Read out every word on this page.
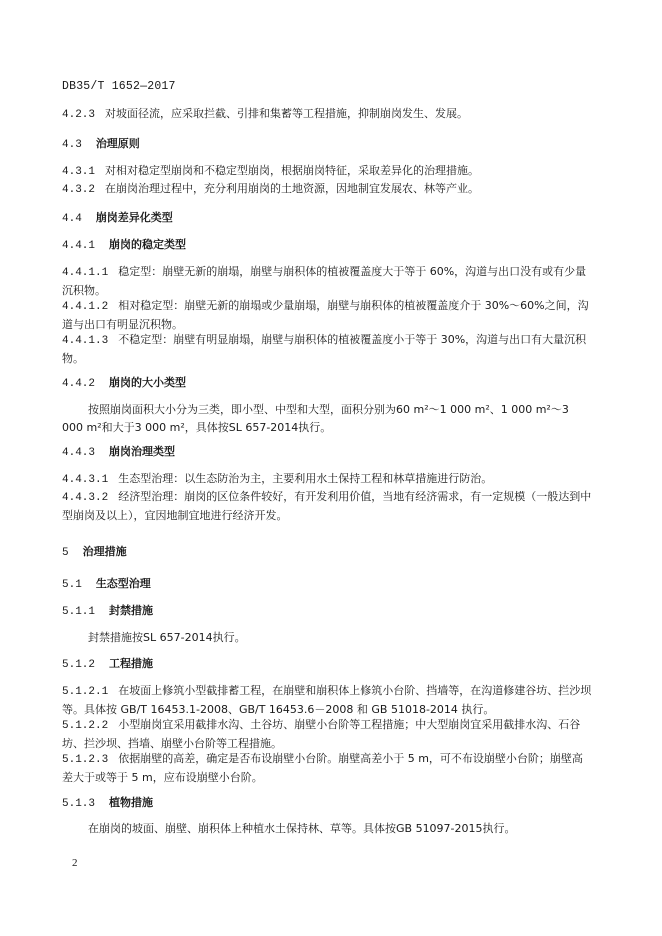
DB35/T 1652—2017
4.2.3 对坡面径流，应采取拦截、引排和集蓄等工程措施，抑制崩岗发生、发展。
4.3 治理原则
4.3.1 对相对稳定型崩岗和不稳定型崩岗，根据崩岗特征，采取差异化的治理措施。
4.3.2 在崩岗治理过程中，充分利用崩岗的土地资源，因地制宜发展农、林等产业。
4.4 崩岗差异化类型
4.4.1 崩岗的稳定类型
4.4.1.1 稳定型：崩壁无新的崩塌，崩壁与崩积体的植被覆盖度大于等于 60%，沟道与出口没有或有少量沉积物。
4.4.1.2 相对稳定型：崩壁无新的崩塌或少量崩塌，崩壁与崩积体的植被覆盖度介于 30%～60%之间，沟道与出口有明显沉积物。
4.4.1.3 不稳定型：崩壁有明显崩塌，崩壁与崩积体的植被覆盖度小于等于 30%，沟道与出口有大量沉积物。
4.4.2 崩岗的大小类型
按照崩岗面积大小分为三类，即小型、中型和大型，面积分别为60 m²～1 000 m²、1 000 m²～3 000 m²和大于3 000 m²，具体按SL 657-2014执行。
4.4.3 崩岗治理类型
4.4.3.1 生态型治理：以生态防治为主，主要利用水土保持工程和林草措施进行防治。
4.4.3.2 经济型治理：崩岗的区位条件较好，有开发利用价值，当地有经济需求，有一定规模（一般达到中型崩岗及以上），宜因地制宜地进行经济开发。
5 治理措施
5.1 生态型治理
5.1.1 封禁措施
封禁措施按SL 657-2014执行。
5.1.2 工程措施
5.1.2.1 在坡面上修筑小型截排蓄工程，在崩壁和崩积体上修筑小台阶、挡墙等，在沟道修建谷坊、拦沙坝等。具体按 GB/T 16453.1-2008、GB/T 16453.6－2008 和 GB 51018-2014 执行。
5.1.2.2 小型崩岗宜采用截排水沟、土谷坊、崩壁小台阶等工程措施；中大型崩岗宜采用截排水沟、石谷坊、拦沙坝、挡墙、崩壁小台阶等工程措施。
5.1.2.3 依据崩壁的高差，确定是否布设崩壁小台阶。崩壁高差小于 5 m，可不布设崩壁小台阶；崩壁高差大于或等于 5 m，应布设崩壁小台阶。
5.1.3 植物措施
在崩岗的坡面、崩壁、崩积体上种植水土保持林、草等。具体按GB 51097-2015执行。
2
